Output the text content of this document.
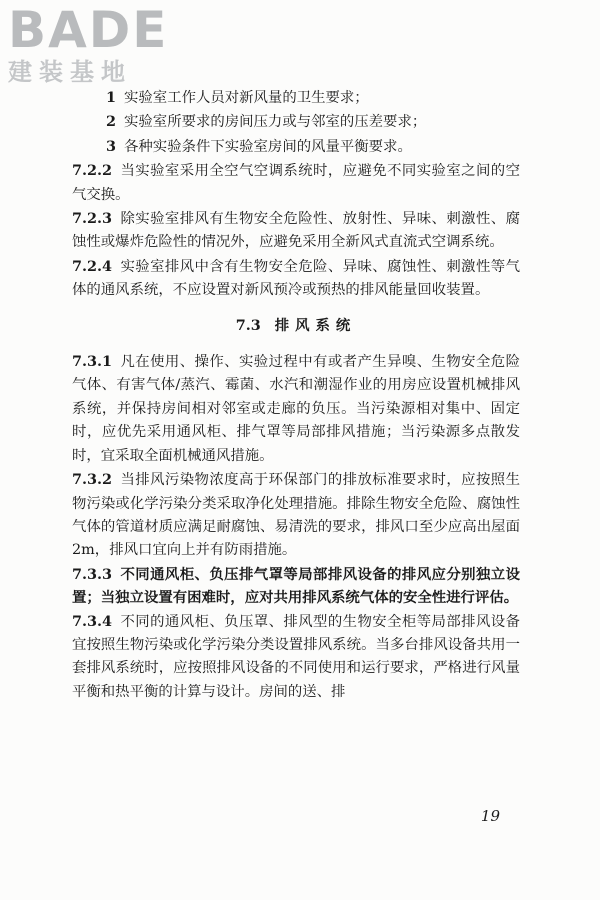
BADE
建装基地

1 实验室工作人员对新风量的卫生要求；

2 实验室所要求的房间压力或与邻室的压差要求；

3 各种实验条件下实验室房间的风量平衡要求。

7.2.2 当实验室采用全空气空调系统时，应避免不同实验室之间的空气交换。

7.2.3 除实验室排风有生物安全危险性、放射性、异味、刺激性、腐蚀性或爆炸危险性的情况外，应避免采用全新风式直流式空调系统。

7.2.4 实验室排风中含有生物安全危险、异味、腐蚀性、刺激性等气体的通风系统，不应设置对新风预冷或预热的排风能量回收装置。

7.3 排风系统

7.3.1 凡在使用、操作、实验过程中有或者产生异嗅、生物安全危险气体、有害气体/蒸汽、霉菌、水汽和潮湿作业的用房应设置机械排风系统，并保持房间相对邻室或走廊的负压。当污染源相对集中、固定时，应优先采用通风柜、排气罩等局部排风措施；当污染源多点散发时，宜采取全面机械通风措施。

7.3.2 当排风污染物浓度高于环保部门的排放标准要求时，应按照生物污染或化学污染分类采取净化处理措施。排除生物安全危险、腐蚀性气体的管道材质应满足耐腐蚀、易清洗的要求，排风口至少应高出屋面 2m，排风口宜向上并有防雨措施。

7.3.3 不同通风柜、负压排气罩等局部排风设备的排风应分别独立设置；当独立设置有困难时，应对共用排风系统气体的安全性进行评估。

7.3.4 不同的通风柜、负压罩、排风型的生物安全柜等局部排风设备宜按照生物污染或化学污染分类设置排风系统。当多台排风设备共用一套排风系统时，应按照排风设备的不同使用和运行要求，严格进行风量平衡和热平衡的计算与设计。房间的送、排

19
